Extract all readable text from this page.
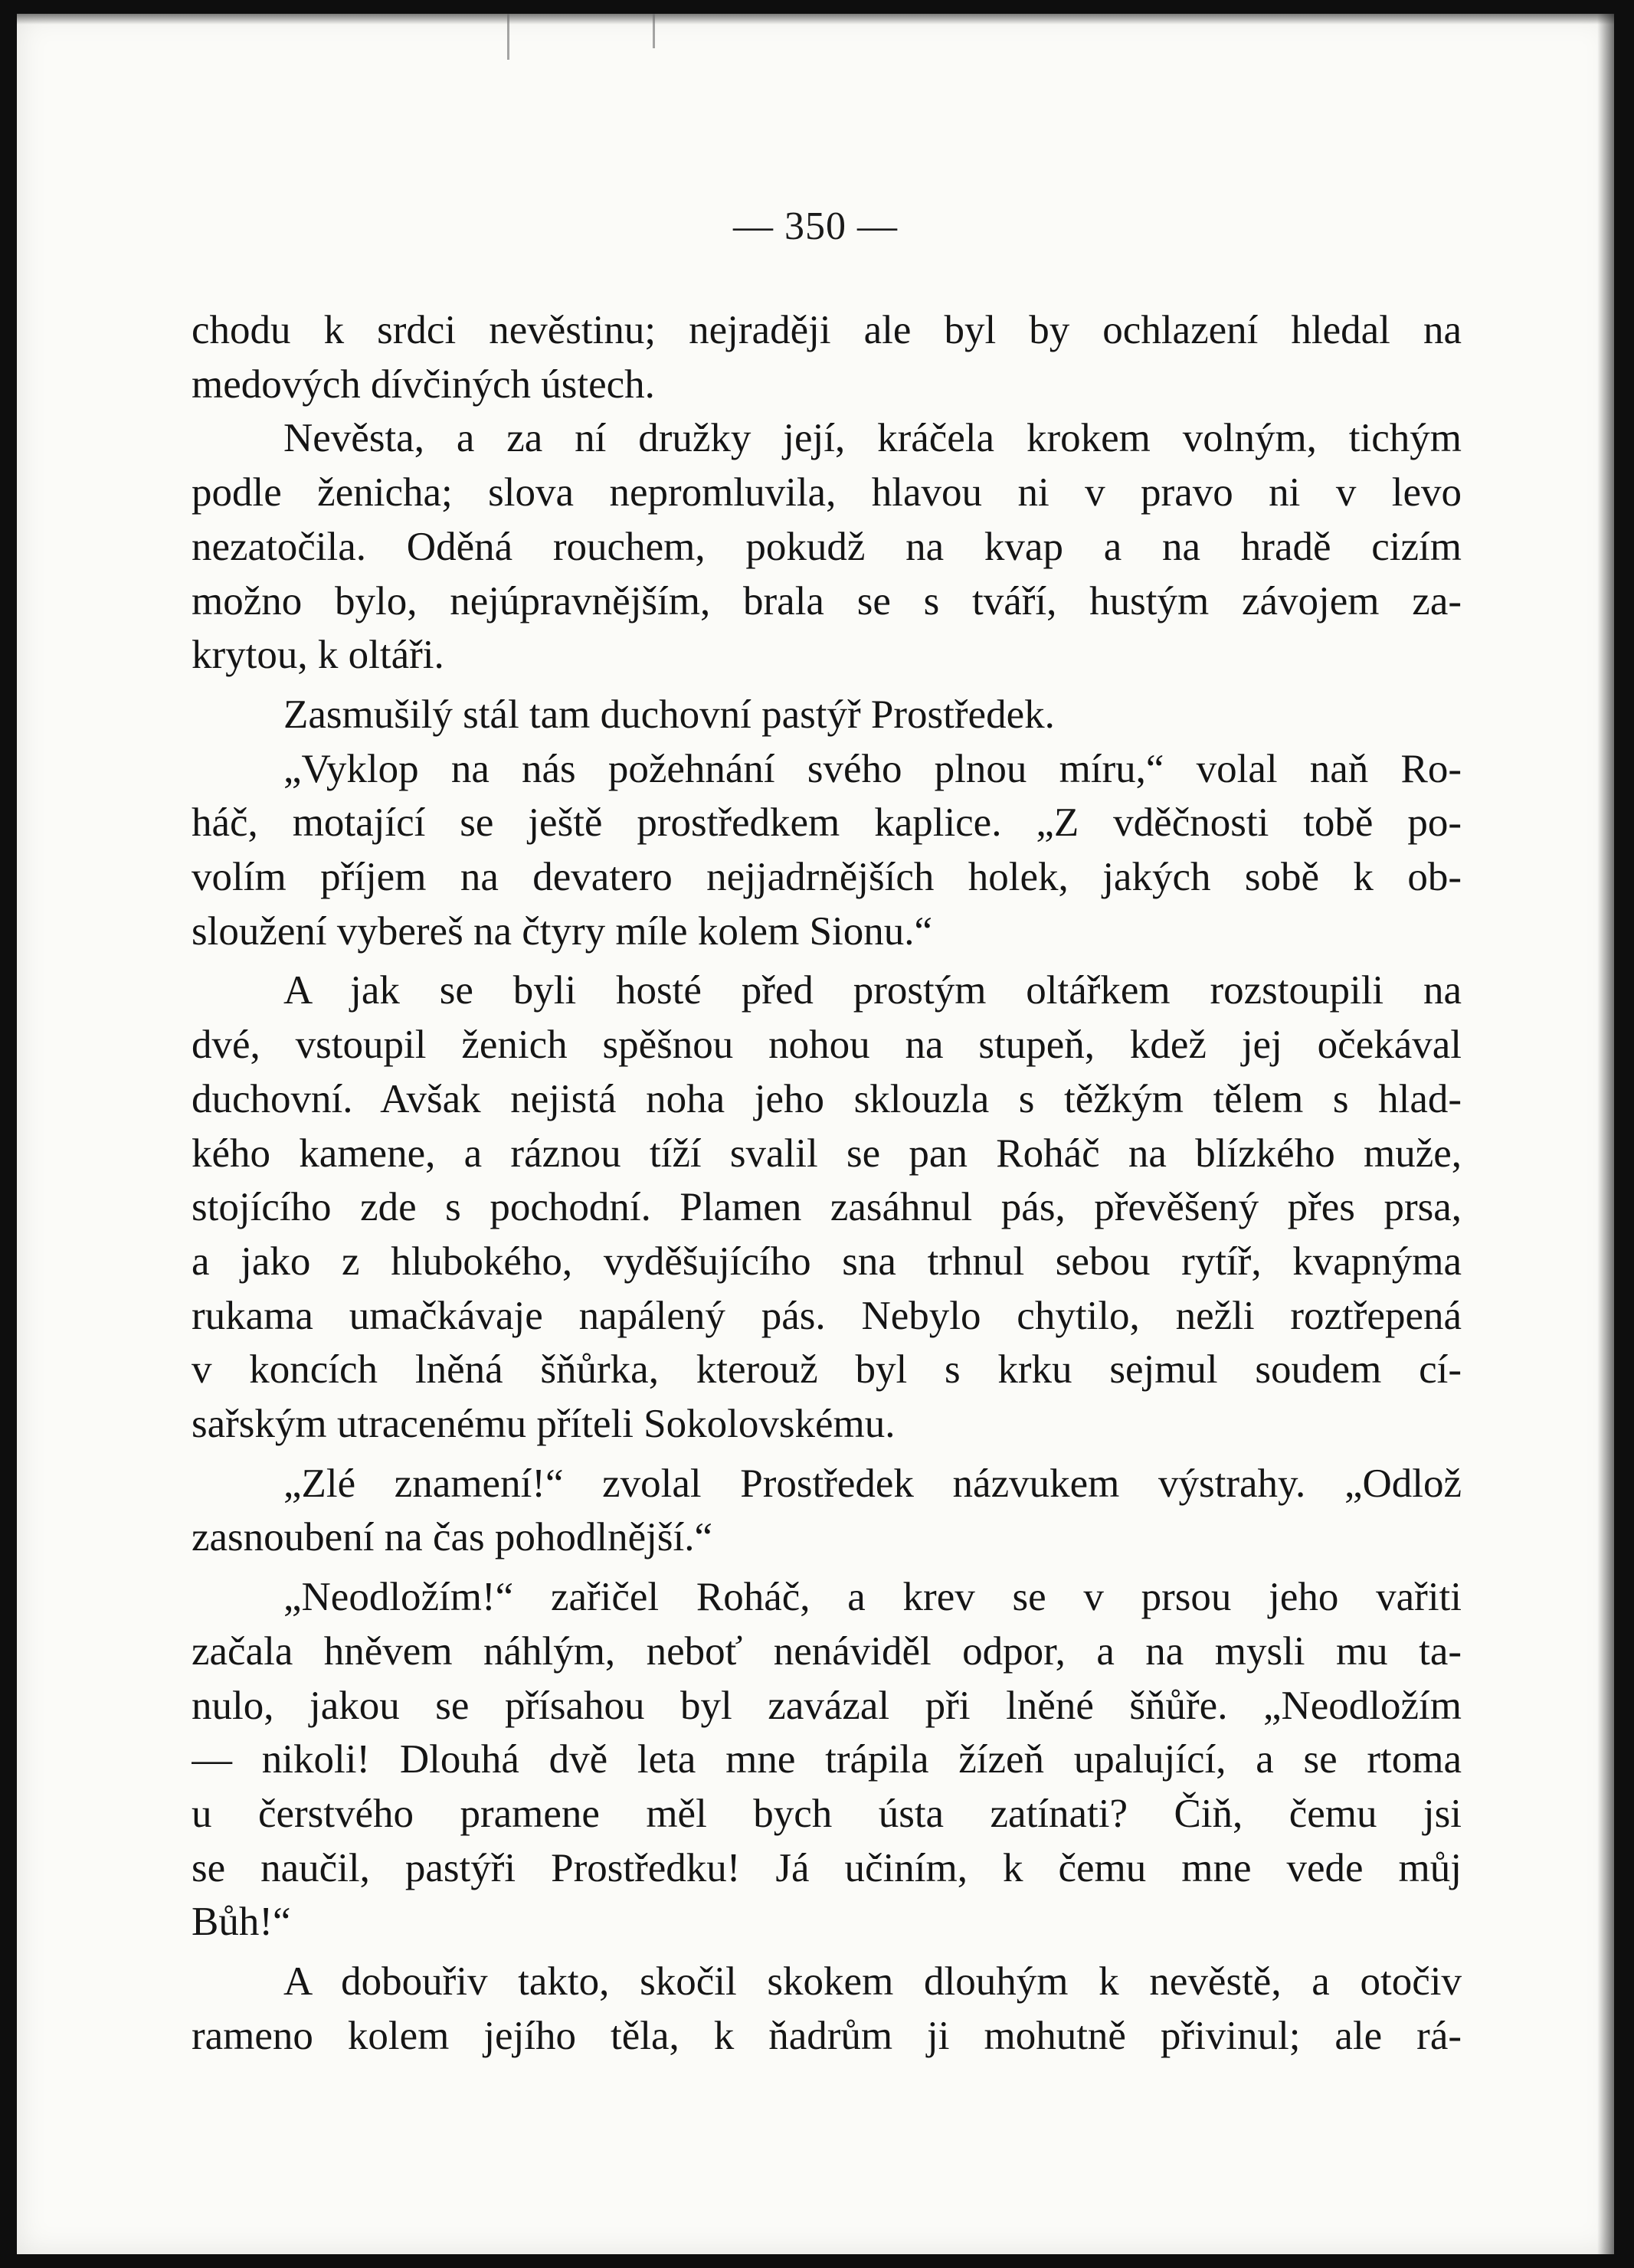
— 350 —
chodu k srdci nevěstinu; nejraději ale byl by ochlazení hledal na
medových dívčiných ústech.
Nevěsta, a za ní družky její, kráčela krokem volným, tichým
podle ženicha; slova nepromluvila, hlavou ni v pravo ni v levo
nezatočila. Oděná rouchem, pokudž na kvap a na hradě cizím
možno bylo, nejúpravnějším, brala se s tváří, hustým závojem za-
krytou, k oltáři.
Zasmušilý stál tam duchovní pastýř Prostředek.
„Vyklop na nás požehnání svého plnou míru,“ volal naň Ro-
háč, motající se ještě prostředkem kaplice. „Z vděčnosti tobě po-
volím příjem na devatero nejjadrnějších holek, jakých sobě k ob-
sloužení vybereš na čtyry míle kolem Sionu.“
A jak se byli hosté před prostým oltářkem rozstoupili na
dvé, vstoupil ženich spěšnou nohou na stupeň, kdež jej očekával
duchovní. Avšak nejistá noha jeho sklouzla s těžkým tělem s hlad-
kého kamene, a ráznou tíží svalil se pan Roháč na blízkého muže,
stojícího zde s pochodní. Plamen zasáhnul pás, převěšený přes prsa,
a jako z hlubokého, vyděšujícího sna trhnul sebou rytíř, kvapnýma
rukama umačkávaje napálený pás. Nebylo chytilo, nežli roztřepená
v koncích lněná šňůrka, kterouž byl s krku sejmul soudem cí-
sařským utracenému příteli Sokolovskému.
„Zlé znamení!“ zvolal Prostředek názvukem výstrahy. „Odlož
zasnoubení na čas pohodlnější.“
„Neodložím!“ zařičel Roháč, a krev se v prsou jeho vařiti
začala hněvem náhlým, neboť nenáviděl odpor, a na mysli mu ta-
nulo, jakou se přísahou byl zavázal při lněné šňůře. „Neodložím
— nikoli! Dlouhá dvě leta mne trápila žízeň upalující, a se rtoma
u čerstvého pramene měl bych ústa zatínati? Čiň, čemu jsi
se naučil, pastýři Prostředku! Já učiním, k čemu mne vede můj
Bůh!“
A dobouřiv takto, skočil skokem dlouhým k nevěstě, a otočiv
rameno kolem jejího těla, k ňadrům ji mohutně přivinul; ale rá-
